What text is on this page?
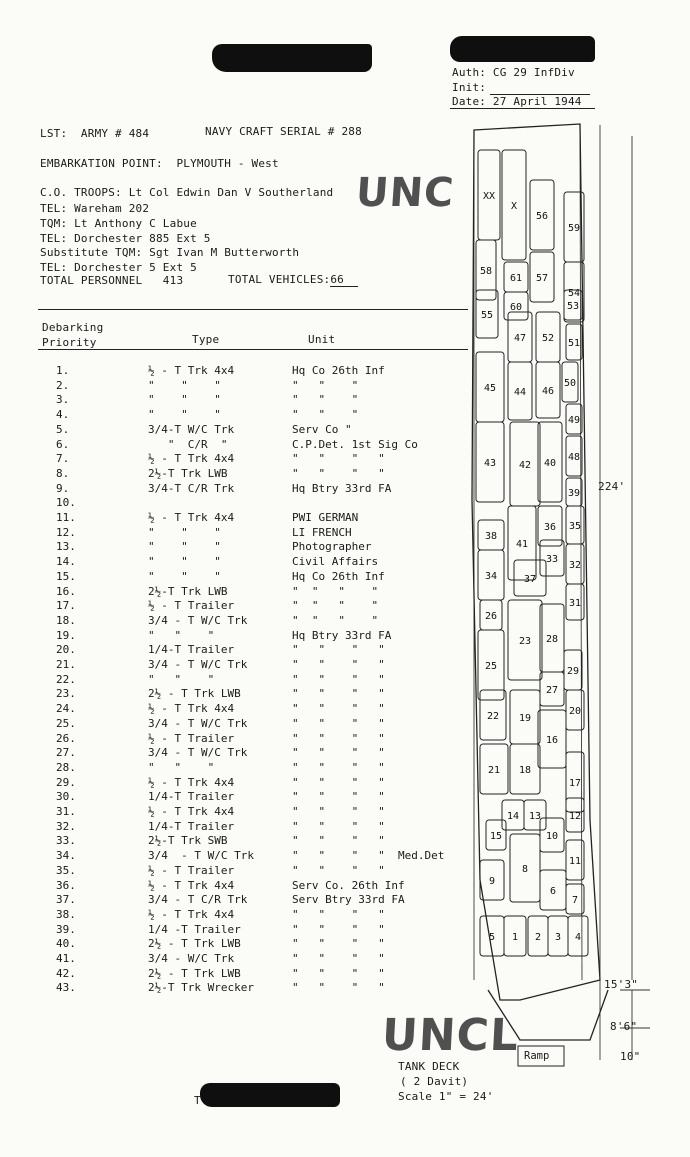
Auth: CG 29 InfDiv
Init:
Date: 27 April 1944
LST:  ARMY # 484	NAVY CRAFT SERIAL # 288
EMBARKATION POINT:  PLYMOUTH - West
C.O. TROOPS: Lt Col Edwin Dan V Southerland
TEL: Wareham 202
TQM: Lt Anthony C Labue
TEL: Dorchester 885 Ext 5
Substitute TQM: Sgt Ivan M Butterworth
TEL: Dorchester 5 Ext 5
TOTAL PERSONNEL   413	TOTAL VEHICLES:66
UNC
Debarking
Priority	Type	Unit
1.	½ - T Trk 4x4	Hq Co 26th Inf
2.	"    "    "	"   "    "
3.	"    "    "	"   "    "
4.	"    "    "	"   "    "
5.	3/4-T W/C Trk	Serv Co "
6.	"  C/R  "	C.P.Det. 1st Sig Co
7.	½ - T Trk 4x4	"   "    "   "
8.	2½-T Trk LWB	"   "    "   "
9.	3/4-T C/R Trk	Hq Btry 33rd FA
10.
11.	½ - T Trk 4x4	PWI GERMAN
12.	"    "    "	LI FRENCH
13.	"    "    "	Photographer
14.	"    "    "	Civil Affairs
15.	"    "    "	Hq Co 26th Inf
16.	2½-T Trk LWB	"  "   "    "
17.	½ - T Trailer	"  "   "    "
18.	3/4 - T W/C Trk	"  "   "    "
19.	"   "    "	Hq Btry 33rd FA
20.	1/4-T Trailer	"   "    "   "
21.	3/4 - T W/C Trk	"   "    "   "
22.	"   "    "	"   "    "   "
23.	2½ - T Trk LWB	"   "    "   "
24.	½ - T Trk 4x4	"   "    "   "
25.	3/4 - T W/C Trk	"   "    "   "
26.	½ - T Trailer	"   "    "   "
27.	3/4 - T W/C Trk	"   "    "   "
28.	"   "    "	"   "    "   "
29.	½ - T Trk 4x4	"   "    "   "
30.	1/4-T Trailer	"   "    "   "
31.	½ - T Trk 4x4	"   "    "   "
32.	1/4-T Trailer	"   "    "   "
33.	2½-T Trk SWB	"   "    "   "
34.	3/4  - T W/C Trk	"   "    "   "  Med.Det
35.	½ - T Trailer	"   "    "   "
36.	½ - T Trk 4x4	Serv Co. 26th Inf
37.	3/4 - T C/R Trk	Serv Btry 33rd FA
38.	½ - T Trk 4x4	"   "    "   "
39.	1/4 -T Trailer	"   "    "   "
40.	2½ - T Trk LWB	"   "    "   "
41.	3/4 - W/C Trk	"   "    "   "
42.	2½ - T Trk LWB	"   "    "   "
43.	2½-T Trk Wrecker	"   "    "   "
XX
X
56
59
58
57
54
61
60
55
53
47 52 51
45 44 46
50
49
43 42 40
48
39
38
41
36 35
37
34
33
32
26
31
23 28
25
27
29
22 19
20
16
21 18
17
14 13	12
15	10
11
8
9
6
7
5 1 2 3 4
224'
15'3"
8'6"
10"
Ramp
UNCL
TANK DECK
( 2 Davit)
Scale 1" = 24'
T
